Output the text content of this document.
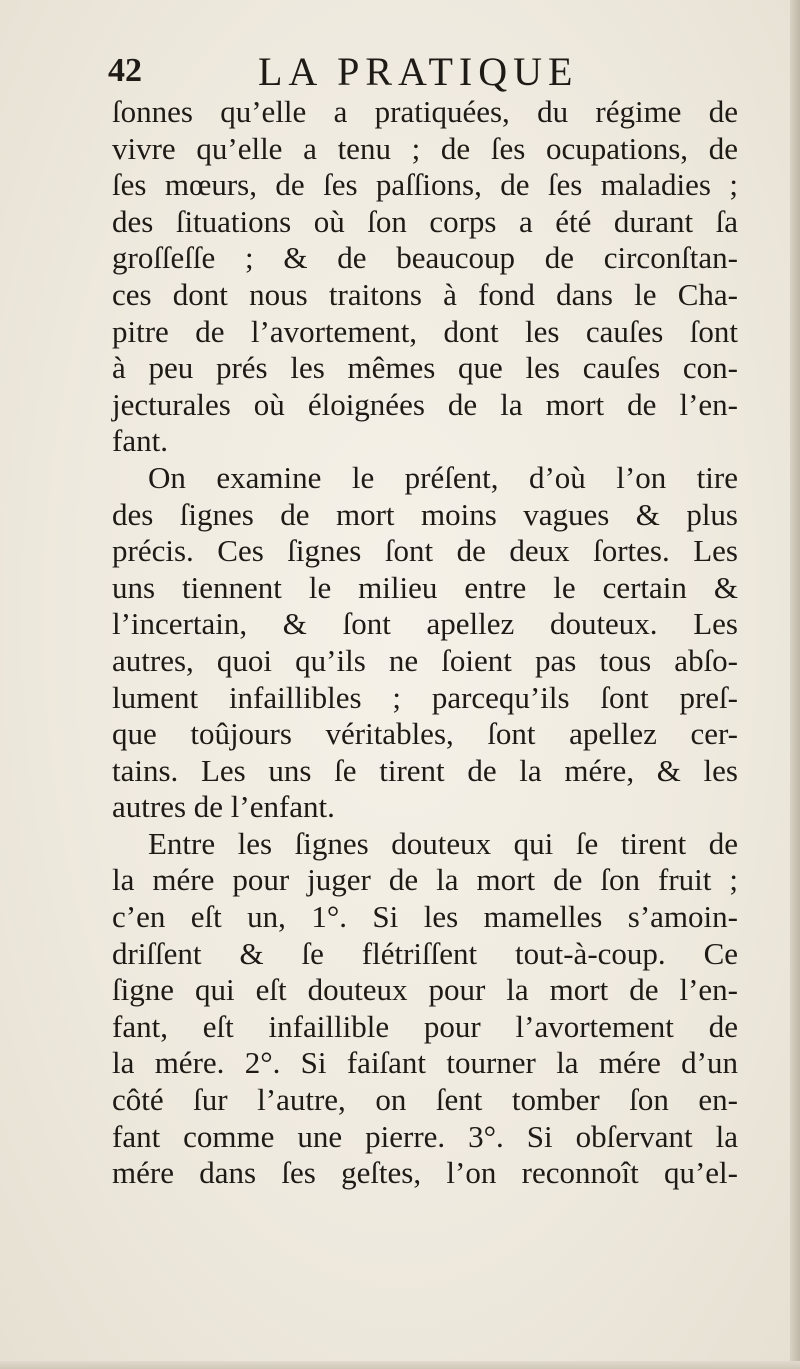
42	LA PRATIQUE
ſonnes qu’elle a pratiquées, du régime de
vivre qu’elle a tenu ; de ſes ocupations, de
ſes mœurs, de ſes paſſions, de ſes maladies ;
des ſituations où ſon corps a été durant ſa
groſſeſſe ; & de beaucoup de circonſtan-
ces dont nous traitons à fond dans le Cha-
pitre de l’avortement, dont les cauſes ſont
à peu prés les mêmes que les cauſes con-
jecturales où éloignées de la mort de l’en-
fant.
On examine le préſent, d’où l’on tire
des ſignes de mort moins vagues & plus
précis. Ces ſignes ſont de deux ſortes. Les
uns tiennent le milieu entre le certain &
l’incertain, & ſont apellez douteux. Les
autres, quoi qu’ils ne ſoient pas tous abſo-
lument infaillibles ; parcequ’ils ſont preſ-
que toûjours véritables, ſont apellez cer-
tains. Les uns ſe tirent de la mére, & les
autres de l’enfant.
Entre les ſignes douteux qui ſe tirent de
la mére pour juger de la mort de ſon fruit ;
c’en eſt un, 1°. Si les mamelles s’amoin-
driſſent & ſe flétriſſent tout-à-coup. Ce
ſigne qui eſt douteux pour la mort de l’en-
fant, eſt infaillible pour l’avortement de
la mére. 2°. Si faiſant tourner la mére d’un
côté ſur l’autre, on ſent tomber ſon en-
fant comme une pierre. 3°. Si obſervant la
mére dans ſes geſtes, l’on reconnoît qu’el-
